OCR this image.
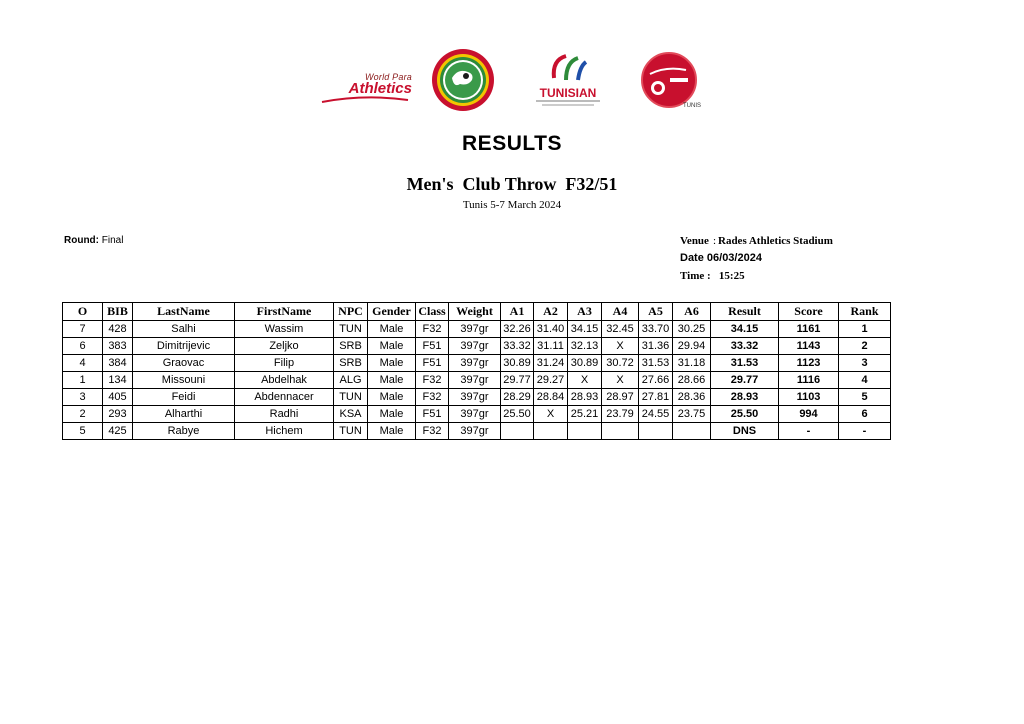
World Para
Athletics	TUNISIAN
TUNIS
RESULTS
Men's  Club Throw  F32/51
Tunis 5-7 March 2024
Round: Final	Venue : Rades Athletics Stadium
Date 06/03/2024
Time :   15:25
O	BIB	LastName	FirstName	NPC	Gender	Class	Weight	A1	A2	A3	A4	A5	A6	Result	Score	Rank
7	428	Salhi	Wassim	TUN	Male	F32	397gr	32.26	31.40	34.15	32.45	33.70	30.25	34.15	1161	1
6	383	Dimitrijevic	Zeljko	SRB	Male	F51	397gr	33.32	31.11	32.13	X	31.36	29.94	33.32	1143	2
4	384	Graovac	Filip	SRB	Male	F51	397gr	30.89	31.24	30.89	30.72	31.53	31.18	31.53	1123	3
1	134	Missouni	Abdelhak	ALG	Male	F32	397gr	29.77	29.27	X	X	27.66	28.66	29.77	1116	4
3	405	Feidi	Abdennacer	TUN	Male	F32	397gr	28.29	28.84	28.93	28.97	27.81	28.36	28.93	1103	5
2	293	Alharthi	Radhi	KSA	Male	F51	397gr	25.50	X	25.21	23.79	24.55	23.75	25.50	994	6
5	425	Rabye	Hichem	TUN	Male	F32	397gr							DNS	-	-
